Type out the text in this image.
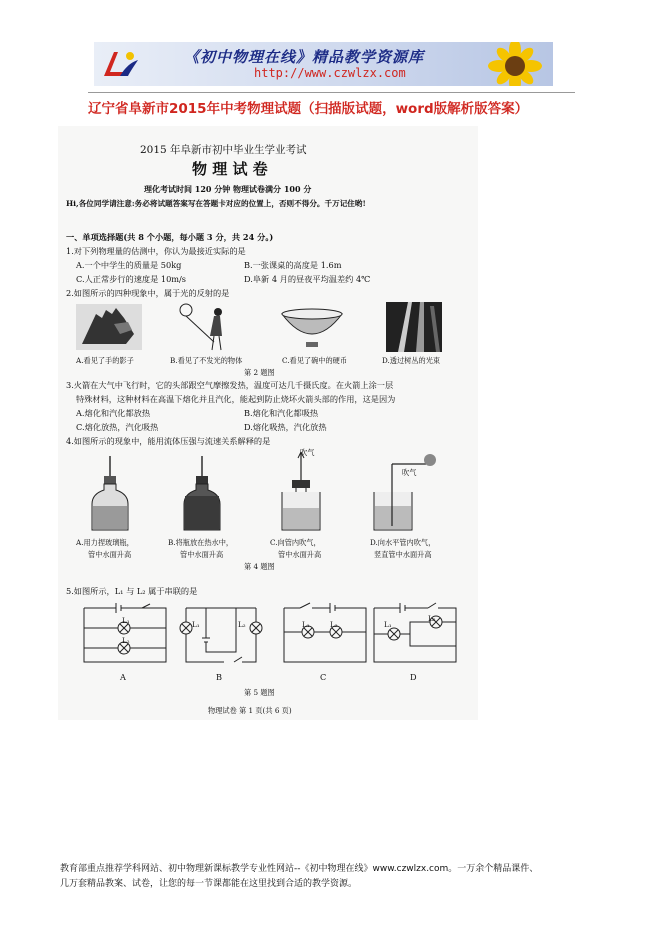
《初中物理在线》精品教学资源库
http://www.czwlzx.com
辽宁省阜新市2015年中考物理试题（扫描版试题，word版解析版答案）
2015 年阜新市初中毕业生学业考试
物 理 试 卷
理化考试时间 120 分钟 物理试卷满分 100 分
Hi,各位同学请注意:务必将试题答案写在答题卡对应的位置上，否则不得分。千万记住哟!
一、单项选择题(共 8 个小题，每小题 3 分，共 24 分。)
1.对下列物理量的估测中，你认为最接近实际的是
A.一个中学生的质量是 50kg	B.一张课桌的高度是 1.6m
C.人正常步行的速度是 10m/s	D.阜新 4 月的昼夜平均温差约 4℃
2.如图所示的四种现象中，属于光的反射的是
A.看见了手的影子	B.看见了不发光的物体	C.看见了碗中的硬币	D.透过树丛的光束
第 2 题图
3.火箭在大气中飞行时，它的头部跟空气摩擦发热，温度可达几千摄氏度。在火箭上涂一层
特殊材料，这种材料在高温下熔化并且汽化，能起到防止烧坏火箭头部的作用，这是因为
A.熔化和汽化都放热	B.熔化和汽化都吸热
C.熔化放热，汽化吸热	D.熔化吸热，汽化放热
4.如图所示的现象中，能用流体压强与流速关系解释的是
吹气
吹气
A.用力捏玻璃瓶，
管中水面升高
B.将瓶放在热水中，
管中水面升高
C.向管内吹气，
管中水面升高
D.向水平管内吹气，
竖直管中水面升高
第 4 题图
5.如图所示，L₁ 与 L₂ 属于串联的是
L₁
L₂
L₁	L₂	L₁	L₂	L₁
L₂
A	B	C	D
第 5 题图
物理试卷 第 1 页(共 6 页)
教育部重点推荐学科网站、初中物理新课标教学专业性网站--《初中物理在线》www.czwlzx.com。一万余个精品课件、
几万套精品教案、试卷，让您的每一节课都能在这里找到合适的教学资源。
